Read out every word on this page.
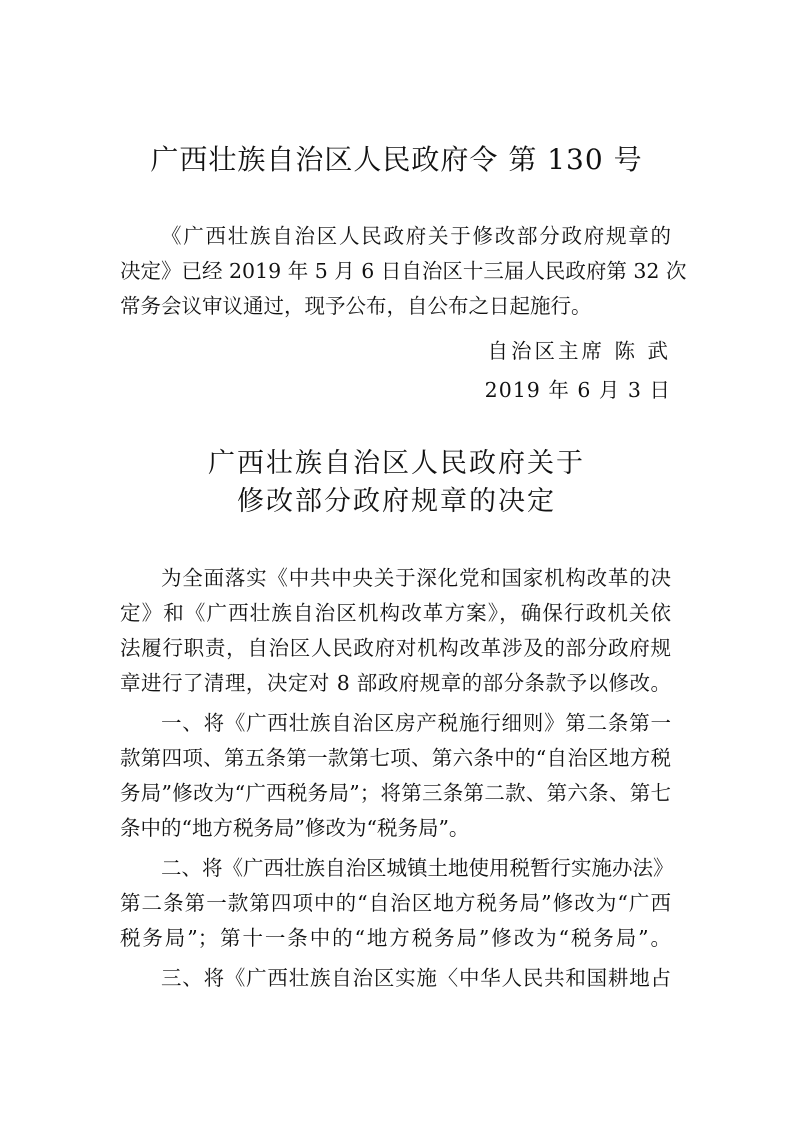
广西壮族自治区人民政府令 第 130 号
《广西壮族自治区人民政府关于修改部分政府规章的
决定》已经 2019 年 5 月 6 日自治区十三届人民政府第 32 次
常务会议审议通过，现予公布，自公布之日起施行。
自治区主席 陈 武
2019 年 6 月 3 日
广西壮族自治区人民政府关于
修改部分政府规章的决定
为全面落实《中共中央关于深化党和国家机构改革的决
定》和《广西壮族自治区机构改革方案》，确保行政机关依
法履行职责，自治区人民政府对机构改革涉及的部分政府规
章进行了清理，决定对 8 部政府规章的部分条款予以修改。
一、将《广西壮族自治区房产税施行细则》第二条第一
款第四项、第五条第一款第七项、第六条中的“自治区地方税
务局”修改为“广西税务局”；将第三条第二款、第六条、第七
条中的“地方税务局”修改为“税务局”。
二、将《广西壮族自治区城镇土地使用税暂行实施办法》
第二条第一款第四项中的“自治区地方税务局”修改为“广西
税务局”；第十一条中的“地方税务局”修改为“税务局”。
三、将《广西壮族自治区实施〈中华人民共和国耕地占
